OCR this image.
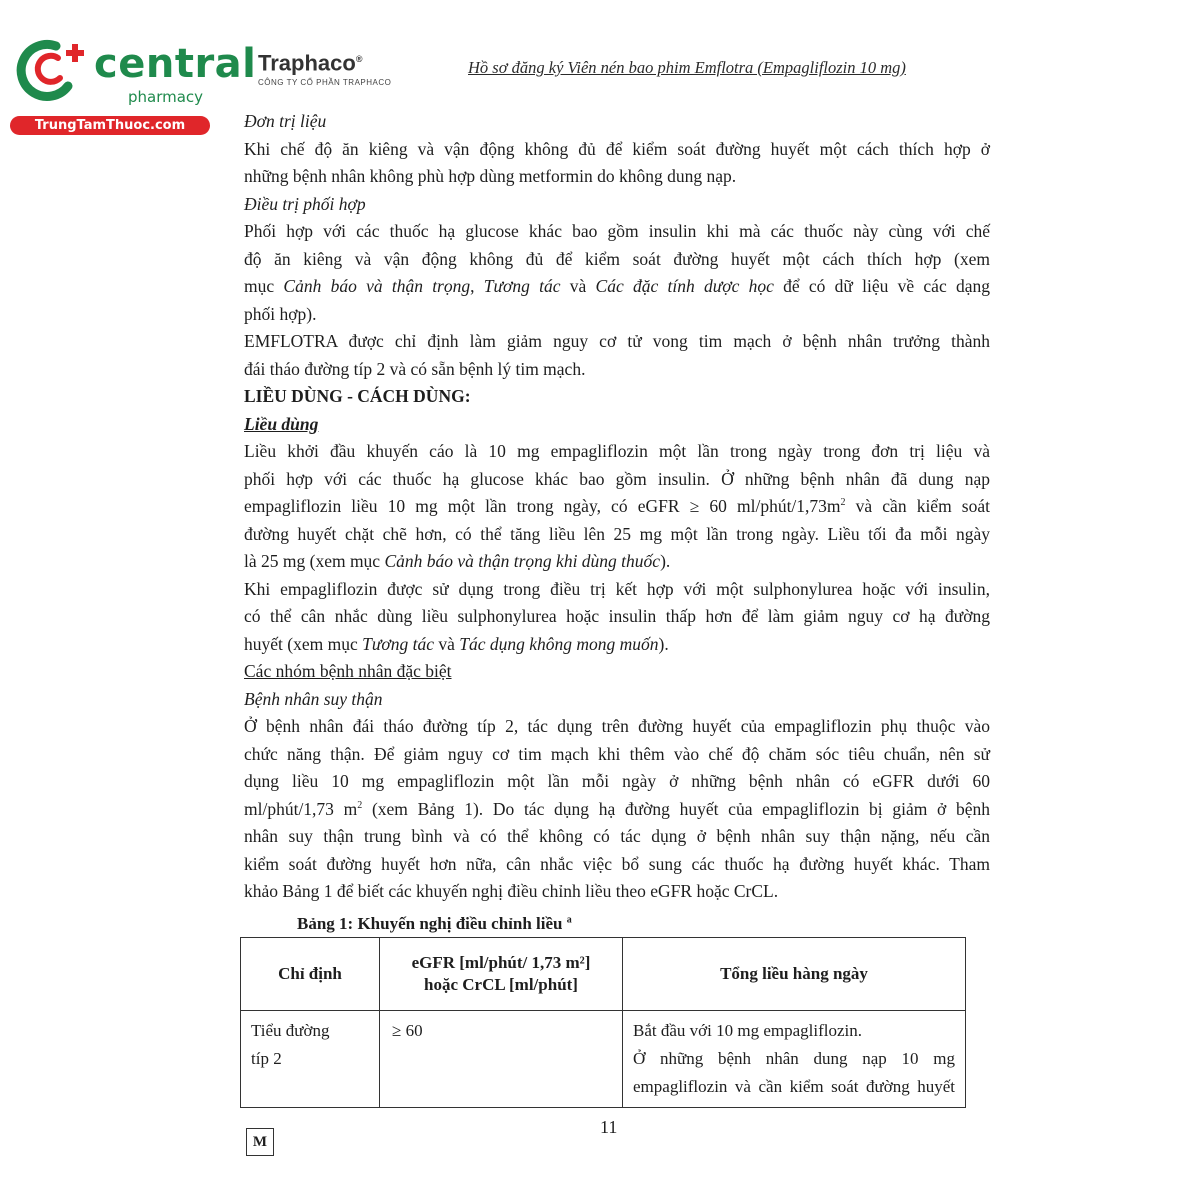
central
pharmacy
TrungTamThuoc.com
Traphaco®
CÔNG TY CỔ PHẦN TRAPHACO
Hồ sơ đăng ký Viên nén bao phim Emflotra (Empagliflozin 10 mg)

Đơn trị liệu

Khi chế độ ăn kiêng và vận động không đủ để kiểm soát đường huyết một cách thích hợp ở
những bệnh nhân không phù hợp dùng metformin do không dung nạp.

Điều trị phối hợp

Phối hợp với các thuốc hạ glucose khác bao gồm insulin khi mà các thuốc này cùng với chế
độ ăn kiêng và vận động không đủ để kiểm soát đường huyết một cách thích hợp (xem
mục Cảnh báo và thận trọng, Tương tác và Các đặc tính dược học để có dữ liệu về các dạng
phối hợp).

EMFLOTRA được chỉ định làm giảm nguy cơ tử vong tim mạch ở bệnh nhân trưởng thành
đái tháo đường típ 2 và có sẵn bệnh lý tim mạch.

LIỀU DÙNG - CÁCH DÙNG:

Liều dùng

Liều khởi đầu khuyến cáo là 10 mg empagliflozin một lần trong ngày trong đơn trị liệu và
phối hợp với các thuốc hạ glucose khác bao gồm insulin. Ở những bệnh nhân đã dung nạp
empagliflozin liều 10 mg một lần trong ngày, có eGFR ≥ 60 $ml/phút/1,73m^2$ và cần kiểm soát
đường huyết chặt chẽ hơn, có thể tăng liều lên 25 mg một lần trong ngày. Liều tối đa mỗi ngày
là 25 mg (xem mục Cảnh báo và thận trọng khi dùng thuốc).

Khi empagliflozin được sử dụng trong điều trị kết hợp với một sulphonylurea hoặc với insulin,
có thể cân nhắc dùng liều sulphonylurea hoặc insulin thấp hơn để làm giảm nguy cơ hạ đường
huyết (xem mục Tương tác và Tác dụng không mong muốn).

Các nhóm bệnh nhân đặc biệt

Bệnh nhân suy thận

Ở bệnh nhân đái tháo đường típ 2, tác dụng trên đường huyết của empagliflozin phụ thuộc vào
chức năng thận. Để giảm nguy cơ tim mạch khi thêm vào chế độ chăm sóc tiêu chuẩn, nên sử
dụng liều 10 mg empagliflozin một lần mỗi ngày ở những bệnh nhân có eGFR dưới 60
ml/phút/1,73 $m^2$ (xem Bảng 1). Do tác dụng hạ đường huyết của empagliflozin bị giảm ở bệnh
nhân suy thận trung bình và có thể không có tác dụng ở bệnh nhân suy thận nặng, nếu cần
kiểm soát đường huyết hơn nữa, cân nhắc việc bổ sung các thuốc hạ đường huyết khác. Tham
khảo Bảng 1 để biết các khuyến nghị điều chỉnh liều theo eGFR hoặc CrCL.

Bảng 1: Khuyến nghị điều chỉnh liều $^a$
Chỉ định	eGFR [ml/phút/ 1,73 m²]
hoặc CrCL [ml/phút]	Tổng liều hàng ngày

Tiểu đường
típ 2	≥ 60	Bắt đầu với 10 mg empagliflozin.
Ở những bệnh nhân dung nạp 10 mg
empagliflozin và cần kiểm soát đường huyết
11
M
